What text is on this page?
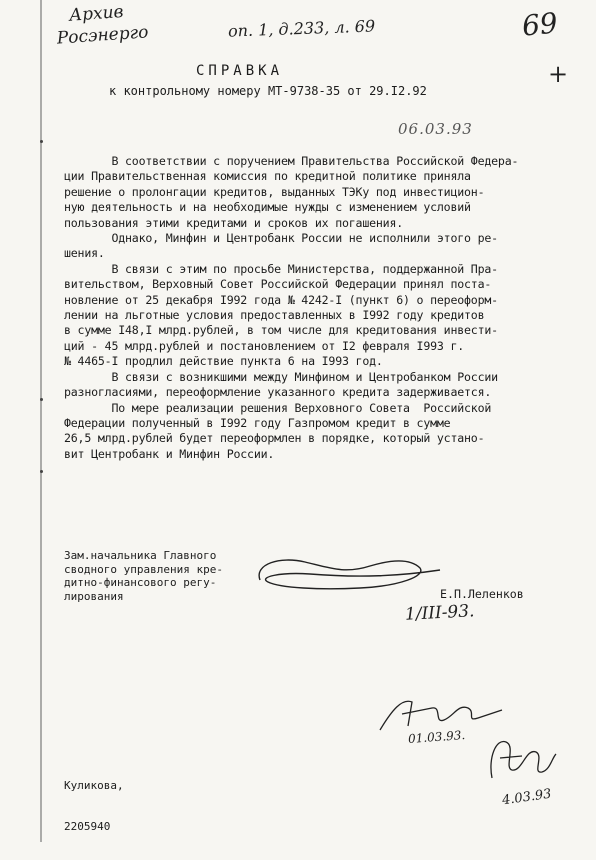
Архив
Росэнерго	оп. 1, д.233, л. 69	69
+
06.03.93
СПРАВКА
к контрольному номеру МТ-9738-35 от 29.I2.92

В соответствии с поручением Правительства Российской Федера-
ции Правительственная комиссия по кредитной политике приняла
решение о пролонгации кредитов, выданных ТЭКу под инвестицион-
ную деятельность и на необходимые нужды с изменением условий
пользования этими кредитами и сроков их погашения.

Однако, Минфин и Центробанк России не исполнили этого ре-
шения.

В связи с этим по просьбе Министерства, поддержанной Пра-
вительством, Верховный Совет Российской Федерации принял поста-
новление от 25 декабря I992 года № 4242-I (пункт 6) о переоформ-
лении на льготные условия предоставленных в I992 году кредитов
в сумме I48,I млрд.рублей, в том числе для кредитования инвести-
ций - 45 млрд.рублей и постановлением от I2 февраля I993 г.
№ 4465-I продлил действие пункта 6 на I993 год.

В связи с возникшими между Минфином и Центробанком России
разногласиями, переоформление указанного кредита задерживается.

По мере реализации решения Верховного Совета  Российской
Федерации полученный в I992 году Газпромом кредит в сумме
26,5 млрд.рублей будет переоформлен в порядке, который устано-
вит Центробанк и Минфин России.

Зам.начальника Главного
сводного управления кре-
дитно-финансового регу-
лирования	Е.П.Леленков
1/III-93.
01.03.93.
4.03.93

Куликова,

2205940
